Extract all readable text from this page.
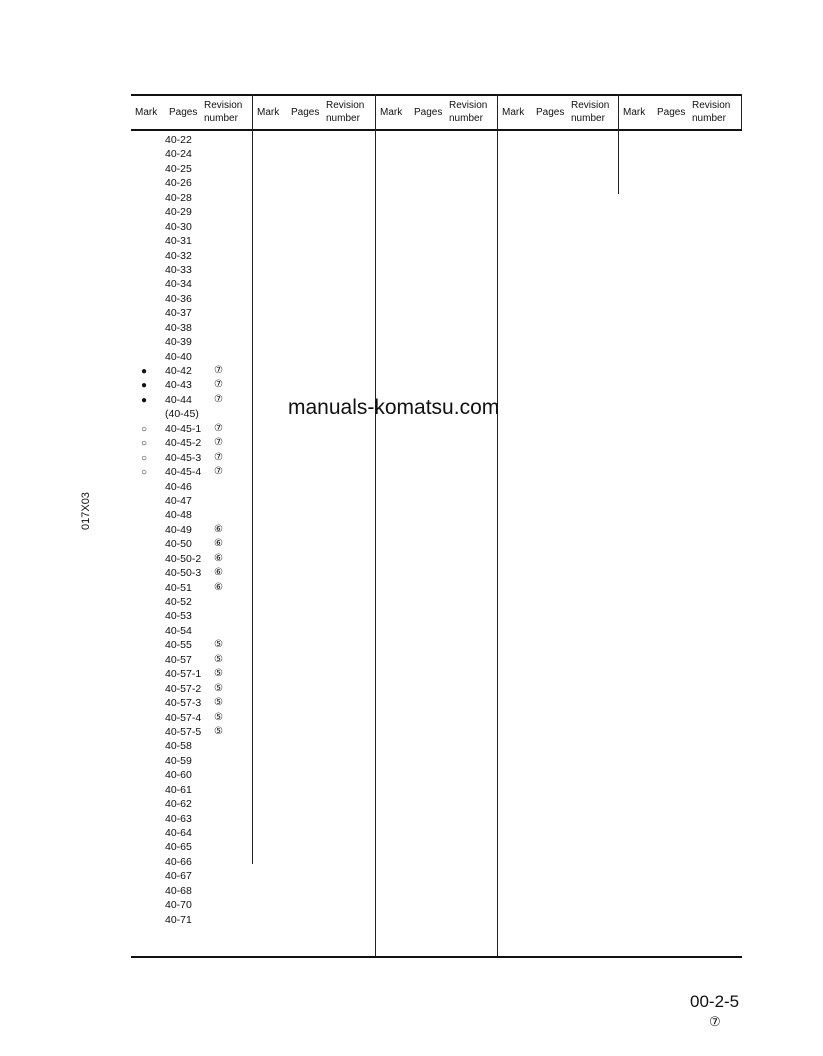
Mark Pages
Revision
number
Mark Pages
Revision
number
Mark Pages
Revision
number
Mark Pages
Revision
number
Mark Pages
Revision
number
40-22
40-24
40-25
40-26
40-28
40-29
40-30
40-31
40-32
40-33
40-34
40-36
40-37
40-38
40-39
40-40
● 40-42 ⑦
● 40-43 ⑦
● 40-44 ⑦
(40-45)
○ 40-45-1 ⑦
○ 40-45-2 ⑦
○ 40-45-3 ⑦
○ 40-45-4 ⑦
40-46
40-47
40-48
40-49 ⑥
40-50 ⑥
40-50-2 ⑥
40-50-3 ⑥
40-51 ⑥
40-52
40-53
40-54
40-55 ⑤
40-57 ⑤
40-57-1 ⑤
40-57-2 ⑤
40-57-3 ⑤
40-57-4 ⑤
40-57-5 ⑤
40-58
40-59
40-60
40-61
40-62
40-63
40-64
40-65
40-66
40-67
40-68
40-70
40-71
manuals-komatsu.com
017X03
00-2-5
⑦
